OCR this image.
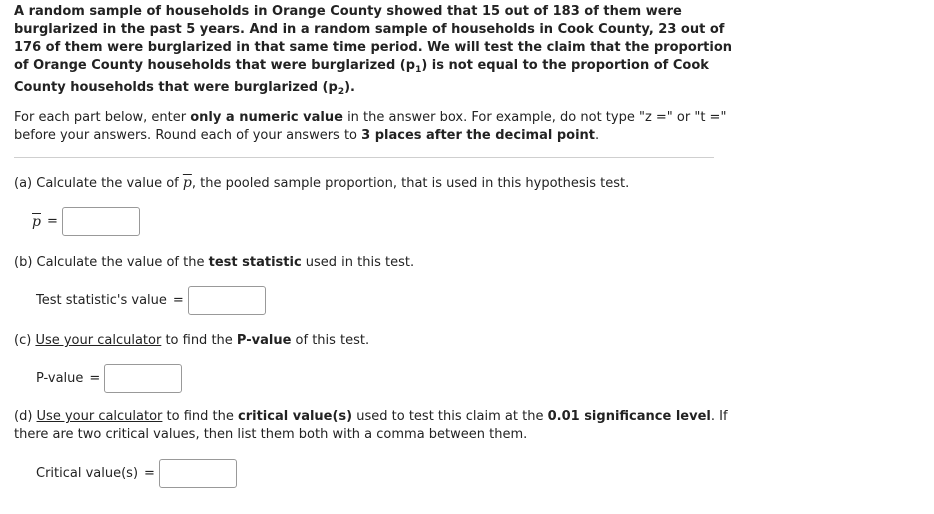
A random sample of households in Orange County showed that 15 out of 183 of them were burglarized in the past 5 years. And in a random sample of households in Cook County, 23 out of 176 of them were burglarized in that same time period. We will test the claim that the proportion of Orange County households that were burglarized $(p_1)$ is not equal to the proportion of Cook County households that were burglarized $(p_2)$.
For each part below, enter only a numeric value in the answer box. For example, do not type "z =" or "t =" before your answers. Round each of your answers to 3 places after the decimal point.
(a) Calculate the value of $\overline{p}$, the pooled sample proportion, that is used in this hypothesis test.
$\overline{p}$ =
(b) Calculate the value of the test statistic used in this test.
Test statistic's value =
(c) Use your calculator to find the P-value of this test.
P-value =
(d) Use your calculator to find the critical value(s) used to test this claim at the 0.01 significance level. If there are two critical values, then list them both with a comma between them.
Critical value(s) =
